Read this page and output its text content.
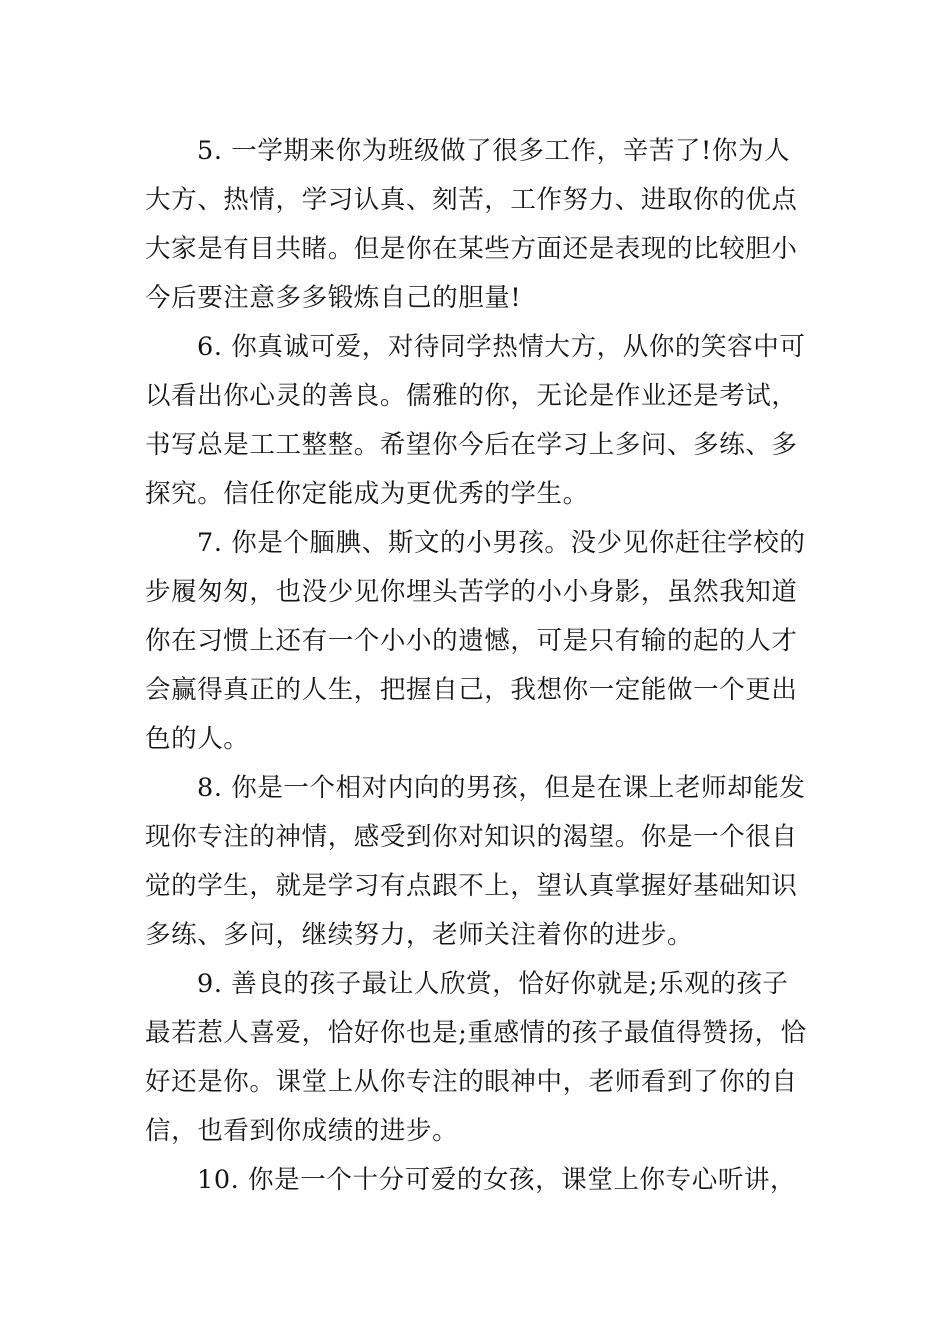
5. 一学期来你为班级做了很多工作，辛苦了!你为人
大方、热情，学习认真、刻苦，工作努力、进取你的优点
大家是有目共睹。但是你在某些方面还是表现的比较胆小
今后要注意多多锻炼自己的胆量!
6. 你真诚可爱，对待同学热情大方，从你的笑容中可
以看出你心灵的善良。儒雅的你，无论是作业还是考试，
书写总是工工整整。希望你今后在学习上多问、多练、多
探究。信任你定能成为更优秀的学生。
7. 你是个腼腆、斯文的小男孩。没少见你赶往学校的
步履匆匆，也没少见你埋头苦学的小小身影，虽然我知道
你在习惯上还有一个小小的遗憾，可是只有输的起的人才
会赢得真正的人生，把握自己，我想你一定能做一个更出
色的人。
8. 你是一个相对内向的男孩，但是在课上老师却能发
现你专注的神情，感受到你对知识的渴望。你是一个很自
觉的学生，就是学习有点跟不上，望认真掌握好基础知识
多练、多问，继续努力，老师关注着你的进步。
9. 善良的孩子最让人欣赏，恰好你就是;乐观的孩子
最若惹人喜爱，恰好你也是;重感情的孩子最值得赞扬，恰
好还是你。课堂上从你专注的眼神中，老师看到了你的自
信，也看到你成绩的进步。
10. 你是一个十分可爱的女孩，课堂上你专心听讲，
